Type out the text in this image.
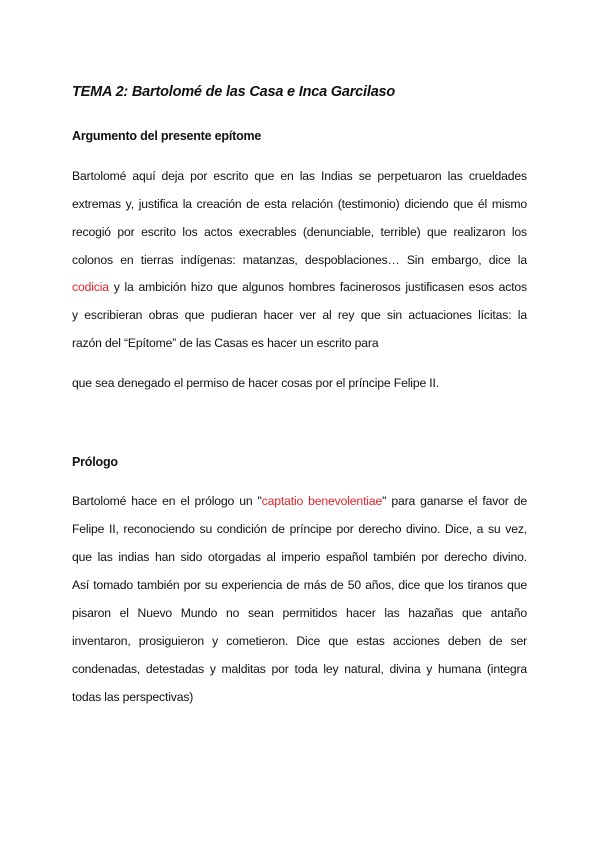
TEMA 2: Bartolomé de las Casa e Inca Garcilaso
Argumento del presente epítome
Bartolomé aquí deja por escrito que en las Indias se perpetuaron las crueldades
extremas y, justifica la creación de esta relación (testimonio) diciendo que él mismo
recogió por escrito los actos execrables (denunciable, terrible) que realizaron los
colonos en tierras indígenas: matanzas, despoblaciones… Sin embargo, dice la
codicia y la ambición hizo que algunos hombres facinerosos justificasen esos actos
y escribieran obras que pudieran hacer ver al rey que sin actuaciones lícitas: la
razón del “Epítome” de las Casas es hacer un escrito para
que sea denegado el permiso de hacer cosas por el príncipe Felipe II.
Prólogo
Bartolomé hace en el prólogo un "captatio benevolentiae" para ganarse el favor de
Felipe II, reconociendo su condición de príncipe por derecho divino. Dice, a su vez,
que las indias han sido otorgadas al imperio español también por derecho divino.
Así tomado también por su experiencia de más de 50 años, dice que los tiranos que
pisaron el Nuevo Mundo no sean permitidos hacer las hazañas que antaño
inventaron, prosiguieron y cometieron. Dice que estas acciones deben de ser
condenadas, detestadas y malditas por toda ley natural, divina y humana (integra
todas las perspectivas)
